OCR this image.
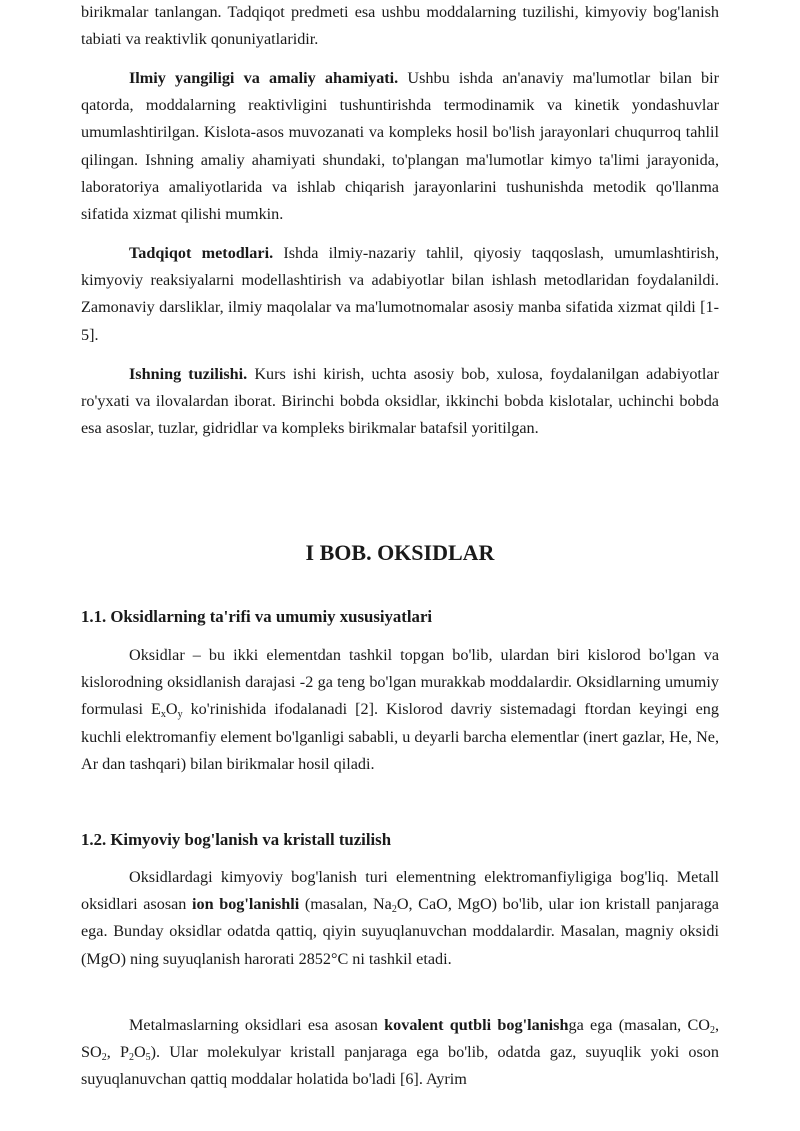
birikmalar tanlangan. Tadqiqot predmeti esa ushbu moddalarning tuzilishi, kimyoviy bog'lanish tabiati va reaktivlik qonuniyatlaridir.

Ilmiy yangiligi va amaliy ahamiyati. Ushbu ishda an'anaviy ma'lumotlar bilan bir qatorda, moddalarning reaktivligini tushuntirishda termodinamik va kinetik yondashuvlar umumlashtirilgan. Kislota-asos muvozanati va kompleks hosil bo'lish jarayonlari chuqurroq tahlil qilingan. Ishning amaliy ahamiyati shundaki, to'plangan ma'lumotlar kimyo ta'limi jarayonida, laboratoriya amaliyotlarida va ishlab chiqarish jarayonlarini tushunishda metodik qo'llanma sifatida xizmat qilishi mumkin.

Tadqiqot metodlari. Ishda ilmiy-nazariy tahlil, qiyosiy taqqoslash, umumlashtirish, kimyoviy reaksiyalarni modellashtirish va adabiyotlar bilan ishlash metodlaridan foydalanildi. Zamonaviy darsliklar, ilmiy maqolalar va ma'lumotnomalar asosiy manba sifatida xizmat qildi [1-5].

Ishning tuzilishi. Kurs ishi kirish, uchta asosiy bob, xulosa, foydalanilgan adabiyotlar ro'yxati va ilovalardan iborat. Birinchi bobda oksidlar, ikkinchi bobda kislotalar, uchinchi bobda esa asoslar, tuzlar, gidridlar va kompleks birikmalar batafsil yoritilgan.

I BOB. OKSIDLAR
1.1. Oksidlarning ta'rifi va umumiy xususiyatlari

Oksidlar – bu ikki elementdan tashkil topgan bo'lib, ulardan biri kislorod bo'lgan va kislorodning oksidlanish darajasi -2 ga teng bo'lgan murakkab moddalardir. Oksidlarning umumiy formulasi $E_xO_y$ ko'rinishida ifodalanadi [2]. Kislorod davriy sistemadagi ftordan keyingi eng kuchli elektromanfiy element bo'lganligi sababli, u deyarli barcha elementlar (inert gazlar, He, Ne, Ar dan tashqari) bilan birikmalar hosil qiladi.

1.2. Kimyoviy bog'lanish va kristall tuzilish

Oksidlardagi kimyoviy bog'lanish turi elementning elektromanfiyligiga bog'liq. Metall oksidlari asosan ion bog'lanishli (masalan, $Na_2O$, CaO, MgO) bo'lib, ular ion kristall panjaraga ega. Bunday oksidlar odatda qattiq, qiyin suyuqlanuvchan moddalardir. Masalan, magniy oksidi (MgO) ning suyuqlanish harorati 2852°C ni tashkil etadi.

Metalmaslarning oksidlari esa asosan kovalent qutbli bog'lanishga ega (masalan, $CO_2$, $SO_2$, $P_2O_5$). Ular molekulyar kristall panjaraga ega bo'lib, odatda gaz, suyuqlik yoki oson suyuqlanuvchan qattiq moddalar holatida bo'ladi [6]. Ayrim
